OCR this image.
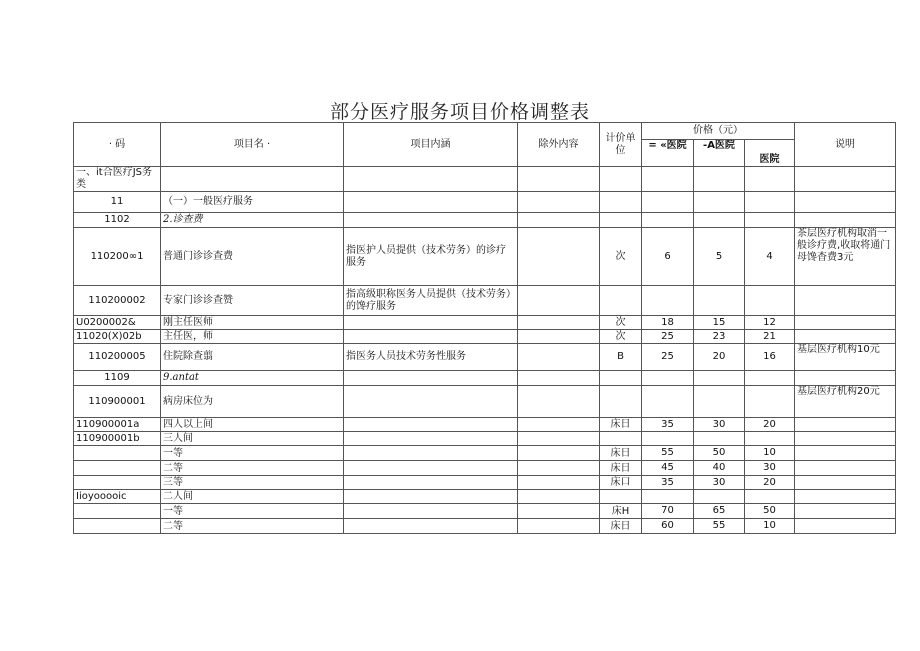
部分医疗服务项目价格调整表
· 码	项目名 ·	项目内涵	除外内容	计价单位	价格（元）			说明
					= «医院	-A医院	医院	
一、it合医疗JS务类								
11	（一）一般医疗服务							
1102	2.诊查费							
110200∞1	普通门诊诊查费	指医护人员提供（技术劳务）的诊疗服务		次	6	5	4	茶层医疗机构取消一般诊疗费,收取将通门母馋杳费3元
110200002	专家门诊诊查赞	指高级职称医务人员提供（技术劳务）的馋疗服务						
U0200002&	刚主任医师			次	18	15	12	
11020(X)02b	主任医，师			次	25	23	21	
110200005	住院除查翦	指医务人员技术劳务性服务		B	25	20	16	基层医疗机构10元
1109	9.antat							
110900001	病房床位为							基层医疗机构20元
110900001a	四人以上间			床日	35	30	20	
110900001b	三人间							
	一等			床日	55	50	10	
	二等			床日	45	40	30	
	三等			床口	35	30	20	
Iioyooooic	二人间							
	一等			床H	70	65	50	
	二等			床日	60	55	10	
